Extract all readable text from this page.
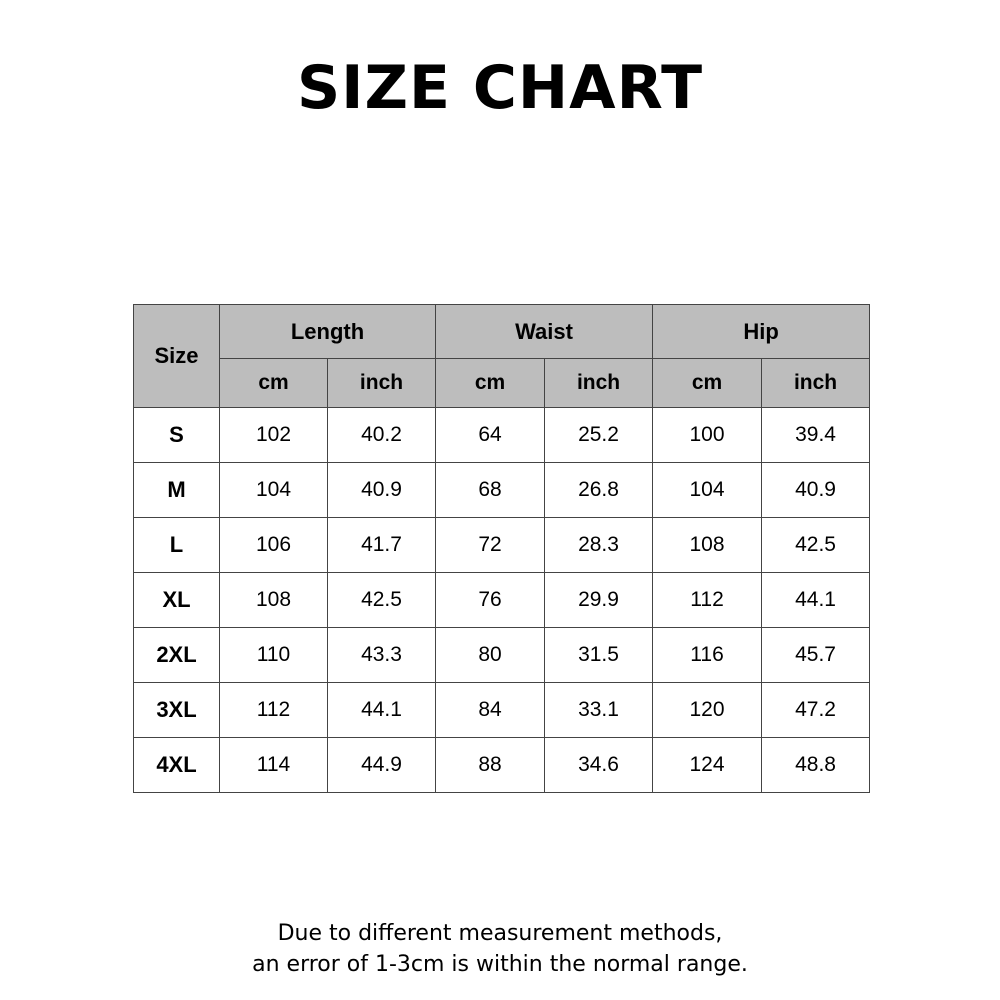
SIZE CHART
Size	Length		Waist		Hip	
	cm	inch	cm	inch	cm	inch
S	102	40.2	64	25.2	100	39.4
M	104	40.9	68	26.8	104	40.9
L	106	41.7	72	28.3	108	42.5
XL	108	42.5	76	29.9	112	44.1
2XL	110	43.3	80	31.5	116	45.7
3XL	112	44.1	84	33.1	120	47.2
4XL	114	44.9	88	34.6	124	48.8
Due to different measurement methods,
an error of 1-3cm is within the normal range.
